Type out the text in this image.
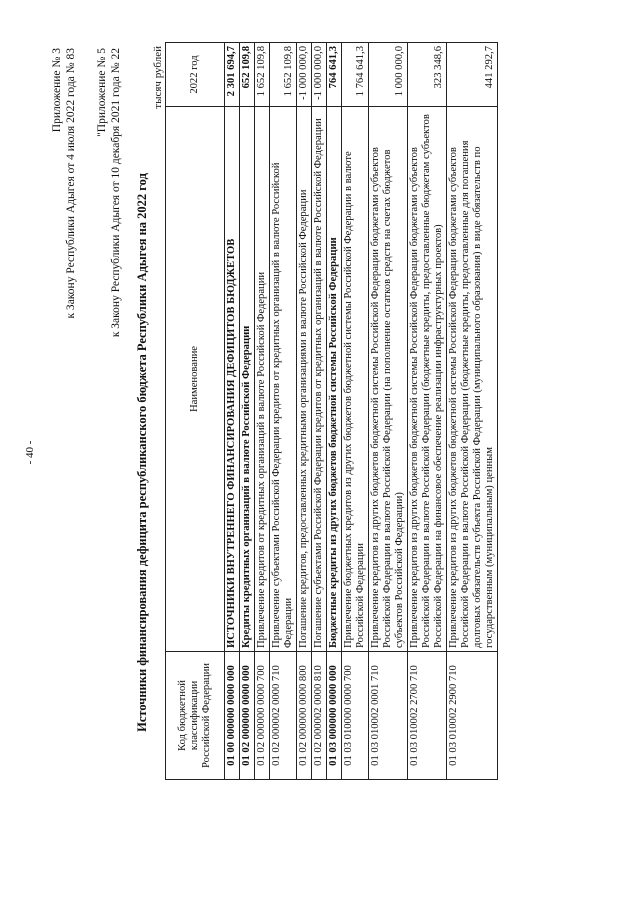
- 40 -
Приложение № 3 к Закону Республики Адыгея от 4 июля 2022 года № 83 "Приложение № 5 к Закону Республики Адыгея от 10 декабря 2021 года № 22 Источники финансирования дефицита республиканского бюджета Республики Адыгея на 2022 год
тысяч рублей
Код бюджетной классификации Российской Федерации	Наименование	2022 год
01 00 000000 0000 000	ИСТОЧНИКИ ВНУТРЕННЕГО ФИНАНСИРОВАНИЯ ДЕФИЦИТОВ БЮДЖЕТОВ	2 301 694,7
01 02 000000 0000 000	Кредиты кредитных организаций в валюте Российской Федерации	652 109,8
01 02 000000 0000 700	Привлечение кредитов от кредитных организаций в валюте Российской Федерации	1 652 109,8
01 02 000002 0000 710	Привлечение субъектами Российской Федерации кредитов от кредитных организаций в валюте Российской Федерации	1 652 109,8
01 02 000000 0000 800	Погашение кредитов, предоставленных кредитными организациями в валюте Российской Федерации	-1 000 000,0
01 02 000002 0000 810	Погашение субъектами Российской Федерации кредитов от кредитных организаций в валюте Российской Федерации	-1 000 000,0
01 03 000000 0000 000	Бюджетные кредиты из других бюджетов бюджетной системы Российской Федерации	764 641,3
01 03 010000 0000 700	Привлечение бюджетных кредитов из других бюджетов бюджетной системы Российской Федерации в валюте Российской Федерации	1 764 641,3
01 03 010002 0001 710	Привлечение кредитов из других бюджетов бюджетной системы Российской Федерации бюджетами субъектов Российской Федерации в валюте Российской Федерации (на пополнение остатков средств на счетах бюджетов субъектов Российской Федерации)	1 000 000,0
01 03 010002 2700 710	Привлечение кредитов из других бюджетов бюджетной системы Российской Федерации бюджетами субъектов Российской Федерации в валюте Российской Федерации (бюджетные кредиты, предоставленные бюджетам субъектов Российской Федерации на финансовое обеспечение реализации инфраструктурных проектов)	323 348,6
01 03 010002 2900 710	Привлечение кредитов из других бюджетов бюджетной системы Российской Федерации бюджетами субъектов Российской Федерации в валюте Российской Федерации (бюджетные кредиты, предоставленные для погашения долговых обязательств субъекта Российской Федерации (муниципального образования) в виде обязательств по государственным (муниципальным) ценным	441 292,7
